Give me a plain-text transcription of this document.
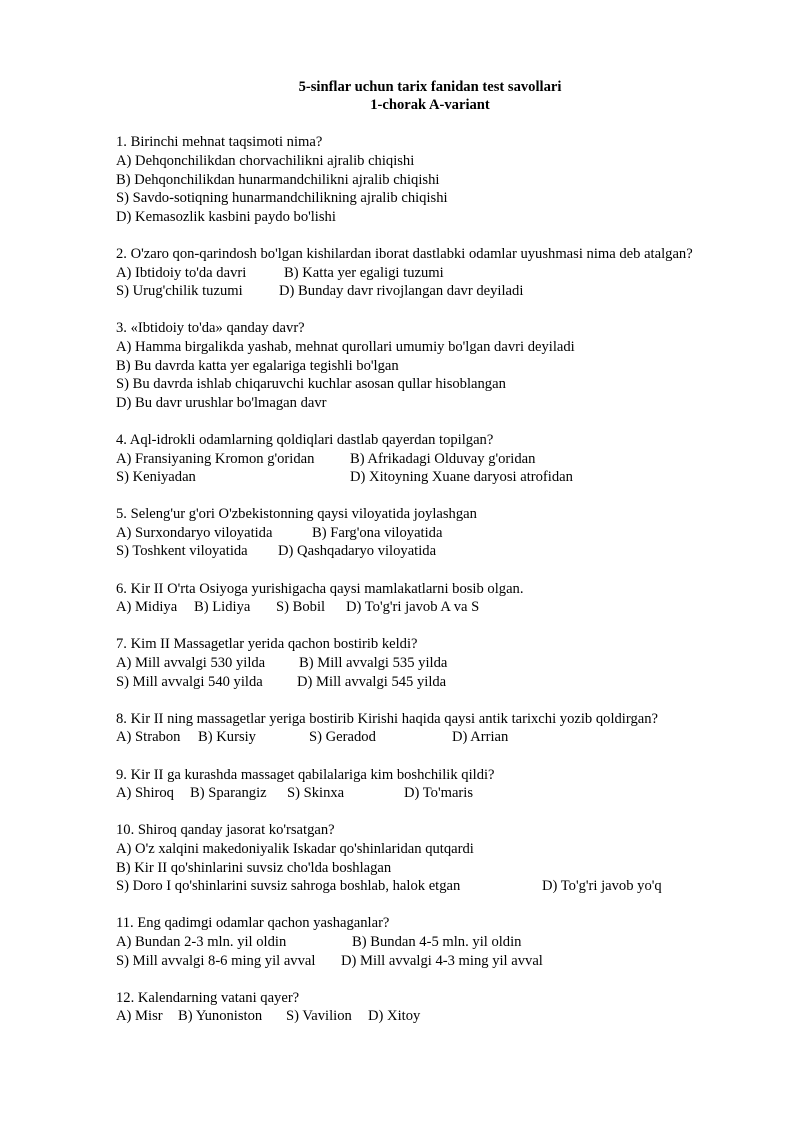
5-sinflar uchun tarix fanidan test savollari
1-chorak A-variant
1. Birinchi mehnat taqsimoti nima?
A) Dehqonchilikdan chorvachilikni ajralib chiqishi
B) Dehqonchilikdan hunarmandchilikni ajralib chiqishi
S) Savdo-sotiqning hunarmandchilikning ajralib chiqishi
D) Kemasozlik kasbini paydo bo'lishi
2. O'zaro qon-qarindosh bo'lgan kishilardan iborat dastlabki odamlar uyushmasi nima deb atalgan?
A) Ibtidoiy to'da davri	B) Katta yer egaligi tuzumi
S) Urug'chilik tuzumi D) Bunday davr rivojlangan davr deyiladi
3. «Ibtidoiy to'da» qanday davr?
A) Hamma birgalikda yashab, mehnat qurollari umumiy bo'lgan davri deyiladi
B) Bu davrda katta yer egalariga tegishli bo'lgan
S) Bu davrda ishlab chiqaruvchi kuchlar asosan qullar hisoblangan
D) Bu davr urushlar bo'lmagan davr
4. Aql-idrokli odamlarning qoldiqlari dastlab qayerdan topilgan?
A) Fransiyaning Kromon g'oridan B) Afrikadagi Olduvay g'oridan
S) Keniyadan	D) Xitoyning Xuane daryosi atrofidan
5. Seleng'ur g'ori O'zbekistonning qaysi viloyatida joylashgan
A) Surxondaryo viloyatida	B) Farg'ona viloyatida
S) Toshkent viloyatida D) Qashqadaryo viloyatida
6. Kir II O'rta Osiyoga yurishigacha qaysi mamlakatlarni bosib olgan.
A) Midiya B) Lidiya S) Bobil D) To'g'ri javob A va S
7. Kim II Massagetlar yerida qachon bostirib keldi?
A) Mill avvalgi 530 yilda B) Mill avvalgi 535 yilda
S) Mill avvalgi 540 yilda D) Mill avvalgi 545 yilda
8. Kir II ning massagetlar yeriga bostirib Kirishi haqida qaysi antik tarixchi yozib qoldirgan?
A) Strabon B) Kursiy	S) Geradod	D) Arrian
9. Kir II ga kurashda massaget qabilalariga kim boshchilik qildi?
A) Shiroq B) Sparangiz S) Skinxa	D) To'maris
10. Shiroq qanday jasorat ko'rsatgan?
A) O'z xalqini makedoniyalik Iskadar qo'shinlaridan qutqardi
B) Kir II qo'shinlarini suvsiz cho'lda boshlagan
S) Doro I qo'shinlarini suvsiz sahroga boshlab, halok etgan	D) To'g'ri javob yo'q
11. Eng qadimgi odamlar qachon yashaganlar?
A) Bundan 2-3 mln. yil oldin	B) Bundan 4-5 mln. yil oldin
S) Mill avvalgi 8-6 ming yil avval D) Mill avvalgi 4-3 ming yil avval
12. Kalendarning vatani qayer?
A) Misr B) Yunoniston S) Vavilion D) Xitoy
